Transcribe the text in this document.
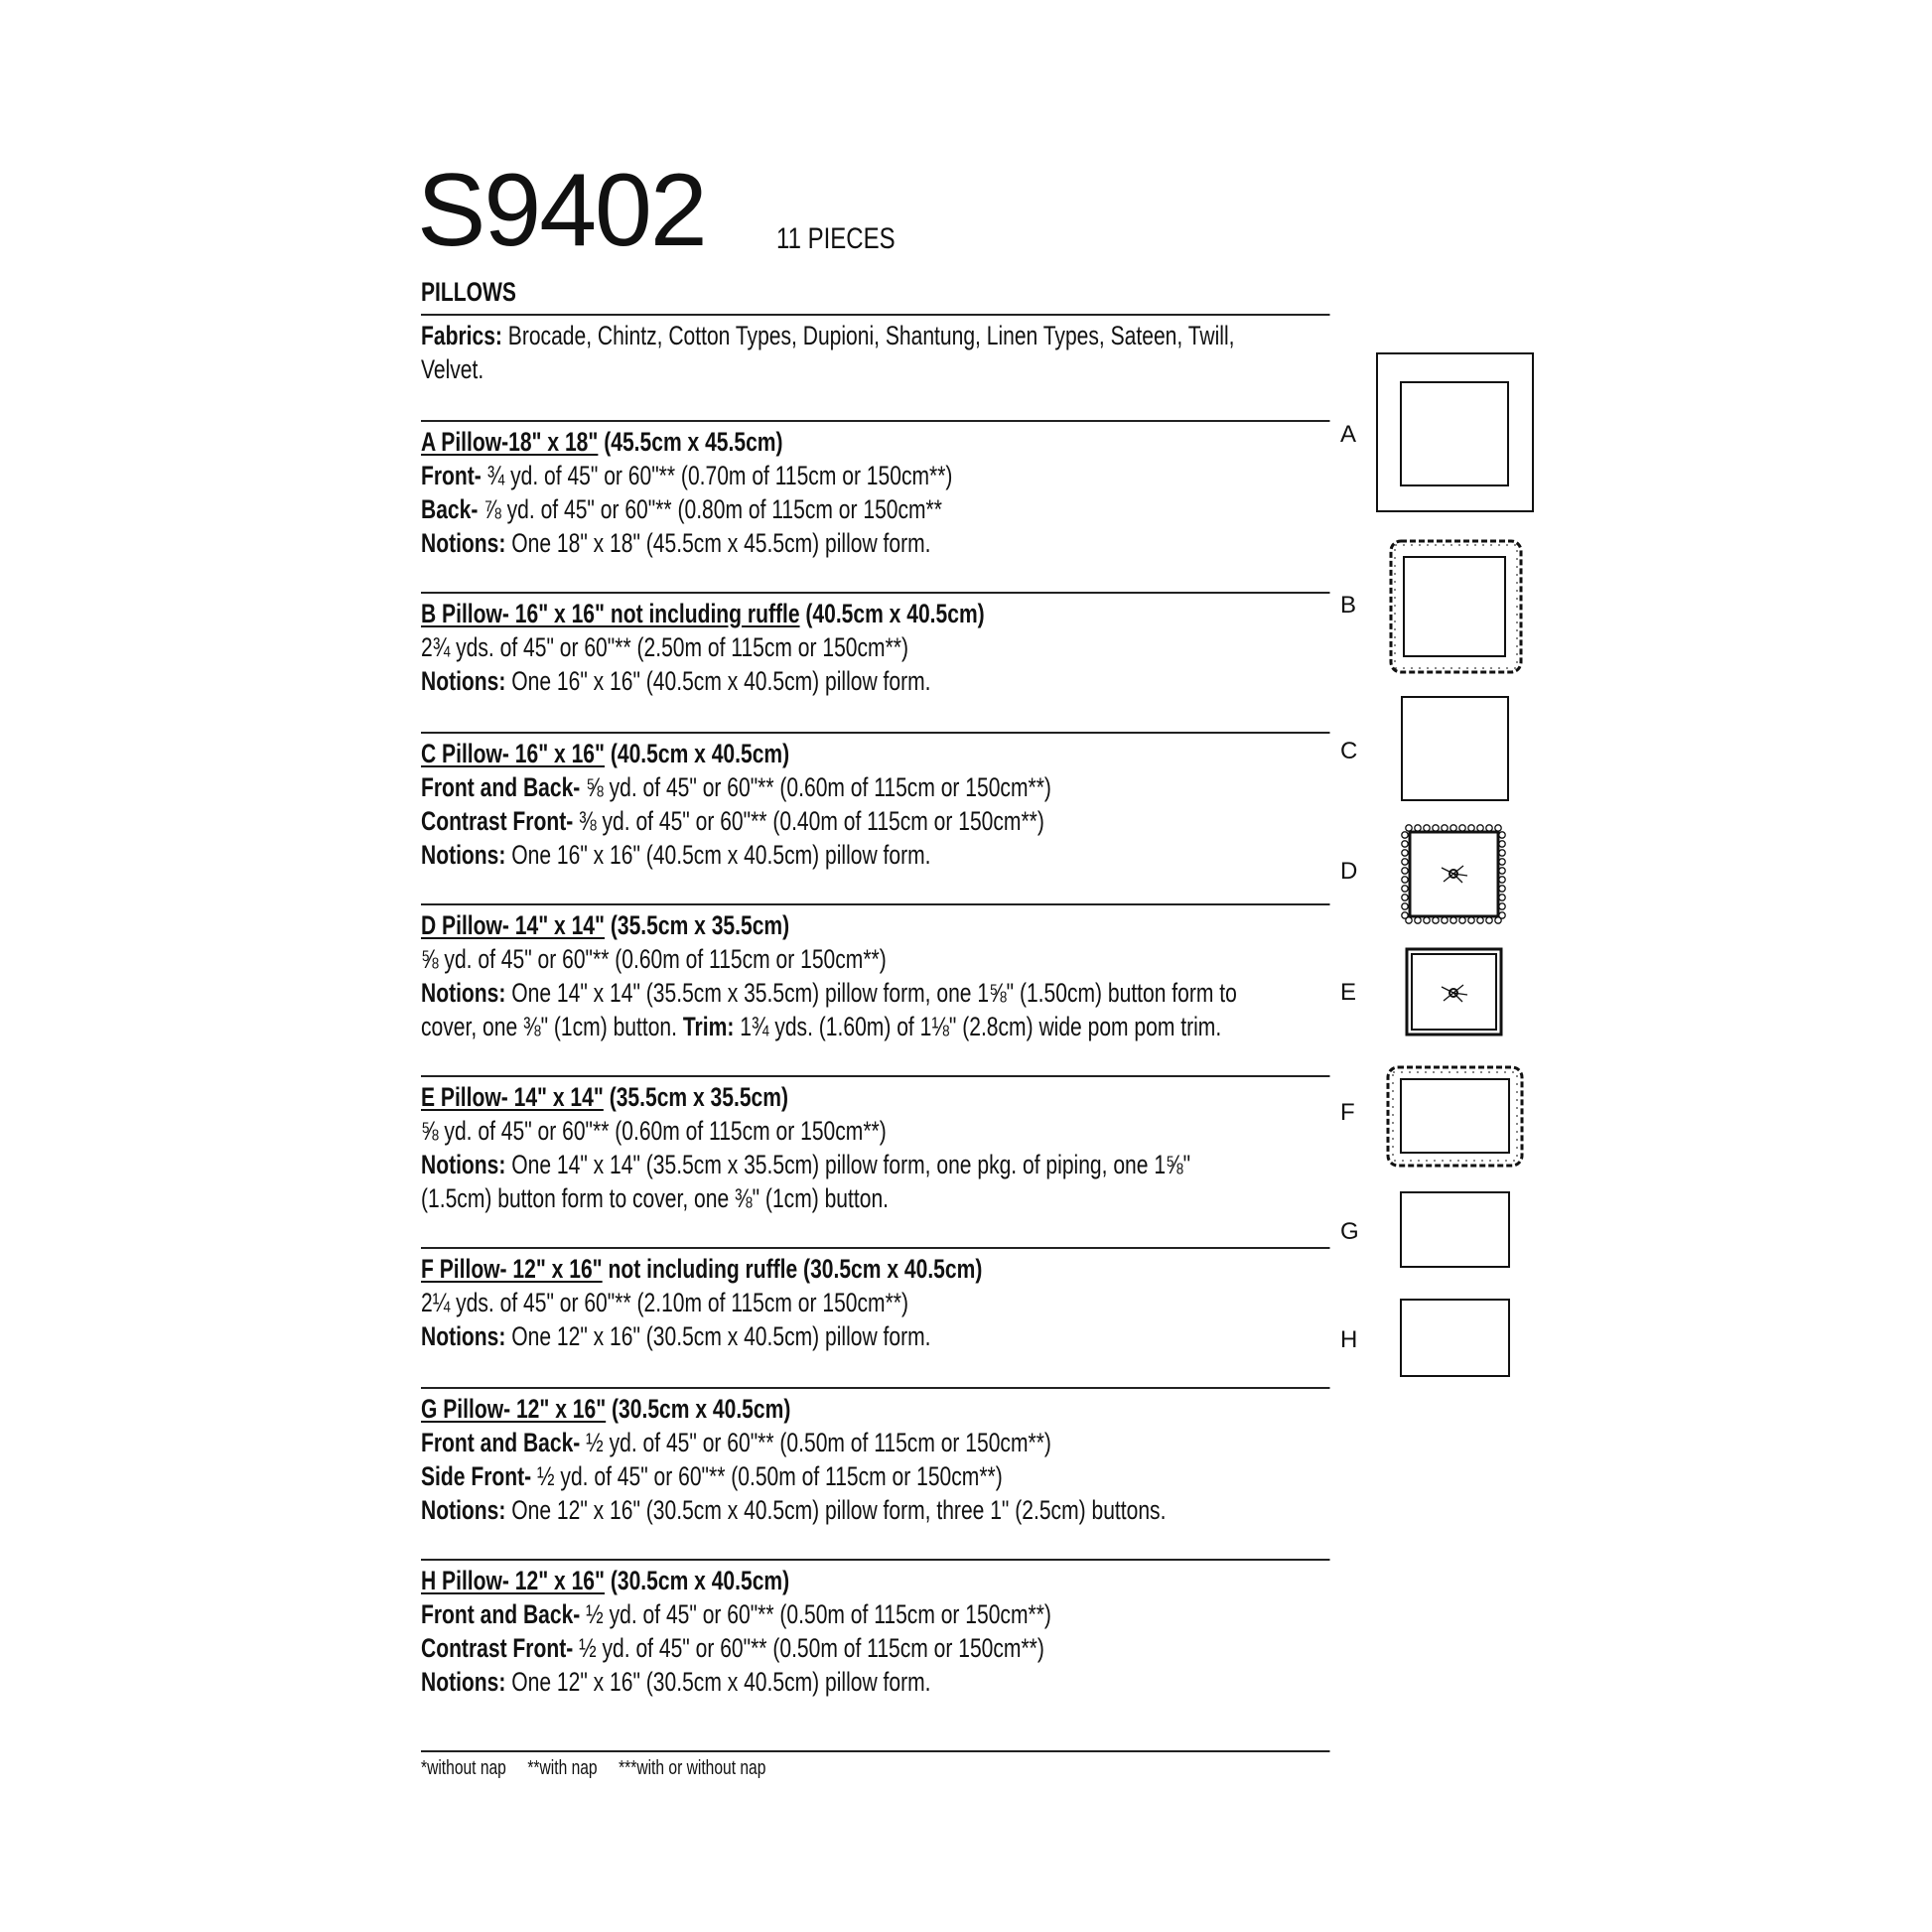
S9402 11 PIECES
PILLOWS
Fabrics: Brocade, Chintz, Cotton Types, Dupioni, Shantung, Linen Types, Sateen, Twill,
Velvet.
A Pillow-18" x 18" (45.5cm x 45.5cm)
Front- ¾ yd. of 45" or 60"** (0.70m of 115cm or 150cm**)
Back- ⅞ yd. of 45" or 60"** (0.80m of 115cm or 150cm**
Notions: One 18" x 18" (45.5cm x 45.5cm) pillow form.
B Pillow- 16" x 16" not including ruffle (40.5cm x 40.5cm)
2¾ yds. of 45" or 60"** (2.50m of 115cm or 150cm**)
Notions: One 16" x 16" (40.5cm x 40.5cm) pillow form.
C Pillow- 16" x 16" (40.5cm x 40.5cm)
Front and Back- ⅝ yd. of 45" or 60"** (0.60m of 115cm or 150cm**)
Contrast Front- ⅜ yd. of 45" or 60"** (0.40m of 115cm or 150cm**)
Notions: One 16" x 16" (40.5cm x 40.5cm) pillow form.
D Pillow- 14" x 14" (35.5cm x 35.5cm)
⅝ yd. of 45" or 60"** (0.60m of 115cm or 150cm**)
Notions: One 14" x 14" (35.5cm x 35.5cm) pillow form, one 1⅝" (1.50cm) button form to
cover, one ⅜" (1cm) button. Trim: 1¾ yds. (1.60m) of 1⅛" (2.8cm) wide pom pom trim.
E Pillow- 14" x 14" (35.5cm x 35.5cm)
⅝ yd. of 45" or 60"** (0.60m of 115cm or 150cm**)
Notions: One 14" x 14" (35.5cm x 35.5cm) pillow form, one pkg. of piping, one 1⅝"
(1.5cm) button form to cover, one ⅜" (1cm) button.
F Pillow- 12" x 16" not including ruffle (30.5cm x 40.5cm)
2¼ yds. of 45" or 60"** (2.10m of 115cm or 150cm**)
Notions: One 12" x 16" (30.5cm x 40.5cm) pillow form.
G Pillow- 12" x 16" (30.5cm x 40.5cm)
Front and Back- ½ yd. of 45" or 60"** (0.50m of 115cm or 150cm**)
Side Front- ½ yd. of 45" or 60"** (0.50m of 115cm or 150cm**)
Notions: One 12" x 16" (30.5cm x 40.5cm) pillow form, three 1" (2.5cm) buttons.
H Pillow- 12" x 16" (30.5cm x 40.5cm)
Front and Back- ½ yd. of 45" or 60"** (0.50m of 115cm or 150cm**)
Contrast Front- ½ yd. of 45" or 60"** (0.50m of 115cm or 150cm**)
Notions: One 12" x 16" (30.5cm x 40.5cm) pillow form.
*without nap **with nap ***with or without nap
A
B
C
D
E
F
G
H
